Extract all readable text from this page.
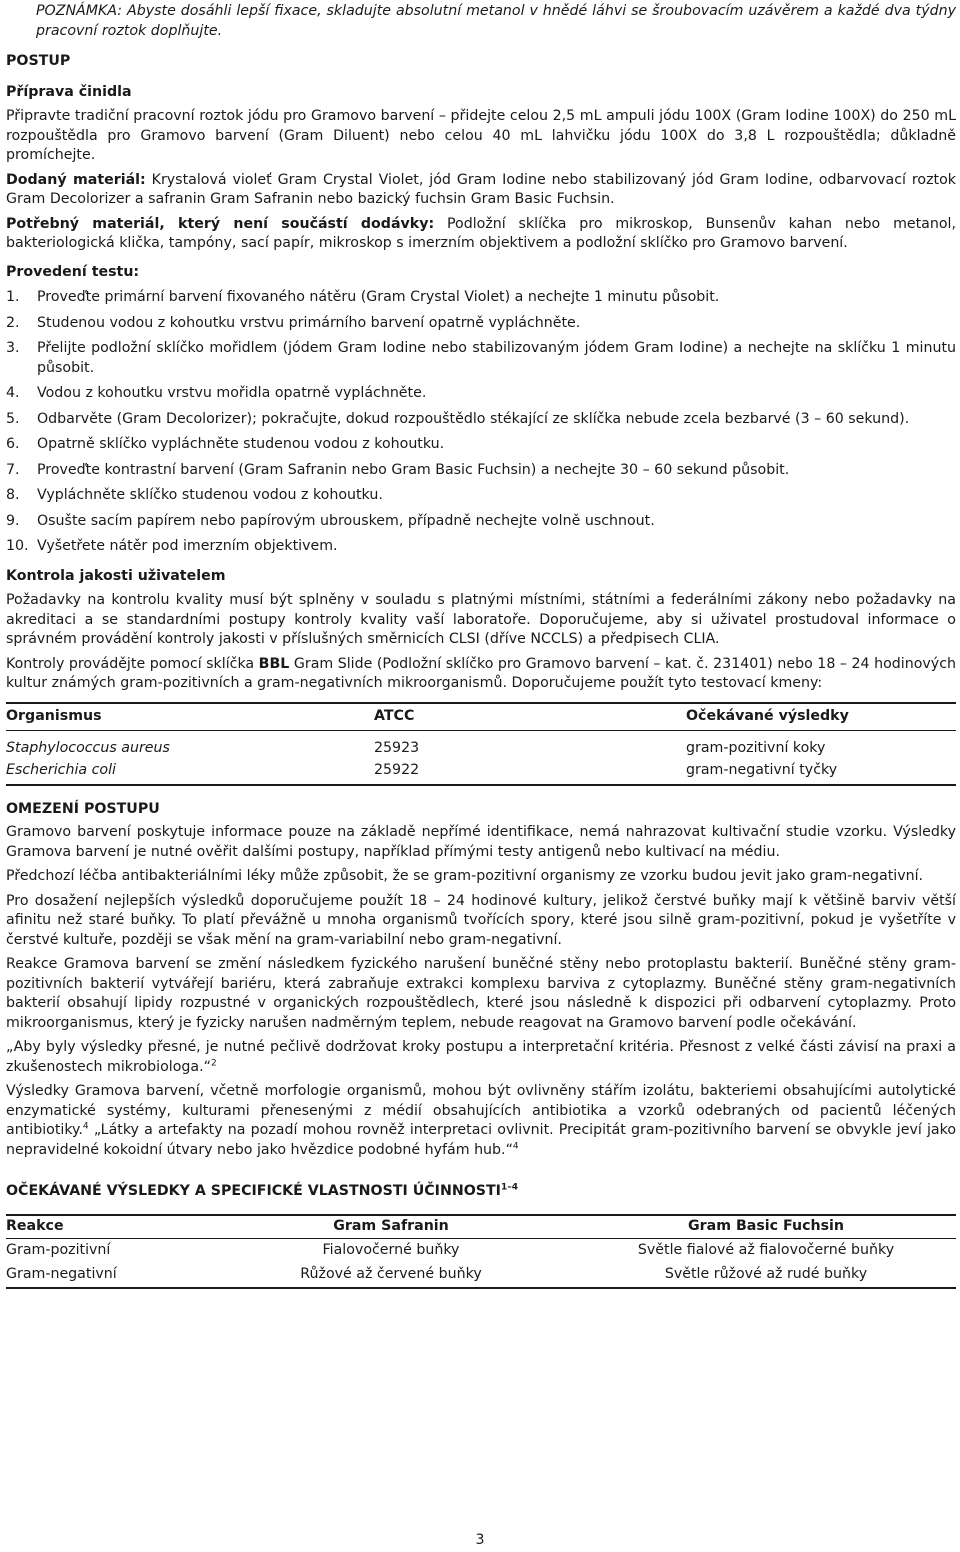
POZNÁMKA: Abyste dosáhli lepší fixace, skladujte absolutní metanol v hnědé láhvi se šroubovacím uzávěrem a každé dva týdny pracovní roztok doplňujte.

POSTUP
Příprava činidla

Připravte tradiční pracovní roztok jódu pro Gramovo barvení – přidejte celou 2,5 mL ampuli jódu 100X (Gram Iodine 100X) do 250 mL rozpouštědla pro Gramovo barvení (Gram Diluent) nebo celou 40 mL lahvičku jódu 100X do 3,8 L rozpouštědla; důkladně promíchejte.

Dodaný materiál: Krystalová violeť Gram Crystal Violet, jód Gram Iodine nebo stabilizovaný jód Gram Iodine, odbarvovací roztok Gram Decolorizer a safranin Gram Safranin nebo bazický fuchsin Gram Basic Fuchsin.

Potřebný materiál, který není součástí dodávky: Podložní sklíčka pro mikroskop, Bunsenův kahan nebo metanol, bakteriologická klička, tampóny, sací papír, mikroskop s imerzním objektivem a podložní sklíčko pro Gramovo barvení.

Provedení testu:
1.	Proveďte primární barvení fixovaného nátěru (Gram Crystal Violet) a nechejte 1 minutu působit.
2.	Studenou vodou z kohoutku vrstvu primárního barvení opatrně vypláchněte.
3.	Přelijte podložní sklíčko mořidlem (jódem Gram Iodine nebo stabilizovaným jódem Gram Iodine) a nechejte na sklíčku 1 minutu působit.
4.	Vodou z kohoutku vrstvu mořidla opatrně vypláchněte.
5.	Odbarvěte (Gram Decolorizer); pokračujte, dokud rozpouštědlo stékající ze sklíčka nebude zcela bezbarvé (3 – 60 sekund).
6.	Opatrně sklíčko vypláchněte studenou vodou z kohoutku.
7.	Proveďte kontrastní barvení (Gram Safranin nebo Gram Basic Fuchsin) a nechejte 30 – 60 sekund působit.
8.	Vypláchněte sklíčko studenou vodou z kohoutku.
9.	Osušte sacím papírem nebo papírovým ubrouskem, případně nechejte volně uschnout.
10. Vyšetřete nátěr pod imerzním objektivem.
Kontrola jakosti uživatelem

Požadavky na kontrolu kvality musí být splněny v souladu s platnými místními, státními a federálními zákony nebo požadavky na akreditaci a se standardními postupy kontroly kvality vaší laboratoře. Doporučujeme, aby si uživatel prostudoval informace o správném provádění kontroly jakosti v příslušných směrnicích CLSI (dříve NCCLS) a předpisech CLIA.

Kontroly provádějte pomocí sklíčka BBL Gram Slide (Podložní sklíčko pro Gramovo barvení – kat. č. 231401) nebo 18 – 24 hodinových kultur známých gram-pozitivních a gram-negativních mikroorganismů. Doporučujeme použít tyto testovací kmeny:

Organismus	ATCC	Očekávané výsledky
Staphylococcus aureus	25923	gram-pozitivní koky
Escherichia coli	25922	gram-negativní tyčky
OMEZENÍ POSTUPU

Gramovo barvení poskytuje informace pouze na základě nepřímé identifikace, nemá nahrazovat kultivační studie vzorku. Výsledky Gramova barvení je nutné ověřit dalšími postupy, například přímými testy antigenů nebo kultivací na médiu.

Předchozí léčba antibakteriálními léky může způsobit, že se gram-pozitivní organismy ze vzorku budou jevit jako gram-negativní.

Pro dosažení nejlepších výsledků doporučujeme použít 18 – 24 hodinové kultury, jelikož čerstvé buňky mají k většině barviv větší afinitu než staré buňky. To platí převážně u mnoha organismů tvořících spory, které jsou silně gram-pozitivní, pokud je vyšetříte v čerstvé kultuře, později se však mění na gram-variabilní nebo gram-negativní.

Reakce Gramova barvení se změní následkem fyzického narušení buněčné stěny nebo protoplastu bakterií. Buněčné stěny gram-pozitivních bakterií vytvářejí bariéru, která zabraňuje extrakci komplexu barviva z cytoplazmy. Buněčné stěny gram-negativních bakterií obsahují lipidy rozpustné v organických rozpouštědlech, které jsou následně k dispozici při odbarvení cytoplazmy. Proto mikroorganismus, který je fyzicky narušen nadměrným teplem, nebude reagovat na Gramovo barvení podle očekávání.

„Aby byly výsledky přesné, je nutné pečlivě dodržovat kroky postupu a interpretační kritéria. Přesnost z velké části závisí na praxi a zkušenostech mikrobiologa.“$^2$

Výsledky Gramova barvení, včetně morfologie organismů, mohou být ovlivněny stářím izolátu, bakteriemi obsahujícími autolytické enzymatické systémy, kulturami přenesenými z médií obsahujících antibiotika a vzorků odebraných od pacientů léčených antibiotiky.$^4$ „Látky a artefakty na pozadí mohou rovněž interpretaci ovlivnit. Precipitát gram-pozitivního barvení se obvykle jeví jako nepravidelné kokoidní útvary nebo jako hvězdice podobné hyfám hub.“$^4$

OČEKÁVANÉ VÝSLEDKY A SPECIFICKÉ VLASTNOSTI ÚČINNOSTI$^{1-4}$
Reakce	Gram Safranin	Gram Basic Fuchsin
Gram-pozitivní	Fialovočerné buňky	Světle fialové až fialovočerné buňky
Gram-negativní	Růžové až červené buňky	Světle růžové až rudé buňky
3
